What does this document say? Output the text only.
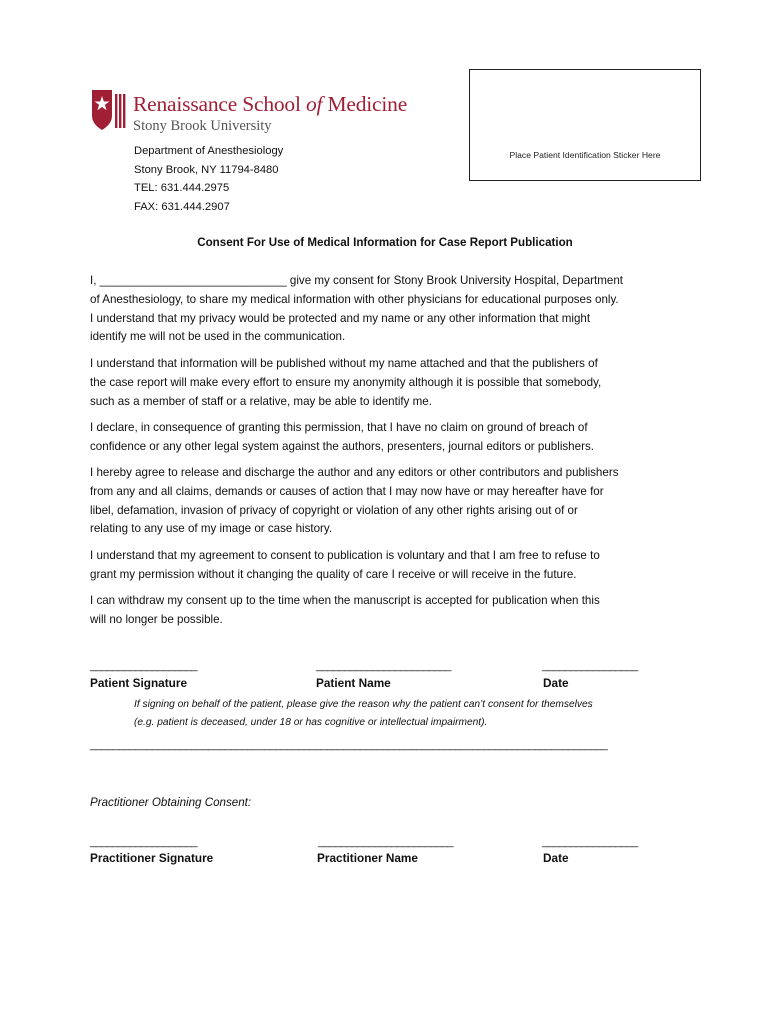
Renaissance School of Medicine
Stony Brook University
Department of Anesthesiology
Stony Brook, NY 11794-8480
TEL: 631.444.2975
FAX: 631.444.2907
Place Patient Identification Sticker Here
Consent For Use of Medical Information for Case Report Publication

I, _____________________________ give my consent for Stony Brook University Hospital, Department

of Anesthesiology, to share my medical information with other physicians for educational purposes only.

I understand that my privacy would be protected and my name or any other information that might

identify me will not be used in the communication.

I understand that information will be published without my name attached and that the publishers of

the case report will make every effort to ensure my anonymity although it is possible that somebody,

such as a member of staff or a relative, may be able to identify me.

I declare, in consequence of granting this permission, that I have no claim on ground of breach of

confidence or any other legal system against the authors, presenters, journal editors or publishers.

I hereby agree to release and discharge the author and any editors or other contributors and publishers

from any and all claims, demands or causes of action that I may now have or may hereafter have for

libel, defamation, invasion of privacy of copyright or violation of any other rights arising out of or

relating to any use of my image or case history.

I understand that my agreement to consent to publication is voluntary and that I am free to refuse to

grant my permission without it changing the quality of care I receive or will receive in the future.

I can withdraw my consent up to the time when the manuscript is accepted for publication when this

will no longer be possible.

___________________	________________________	_________________
Patient Signature	Patient Name	Date
If signing on behalf of the patient, please give the reason why the patient can’t consent for themselves
(e.g. patient is deceased, under 18 or has cognitive or intellectual impairment).
____________________________________________________________________________________________
Practitioner Obtaining Consent:
___________________	________________________	_________________
Practitioner Signature	Practitioner Name	Date
